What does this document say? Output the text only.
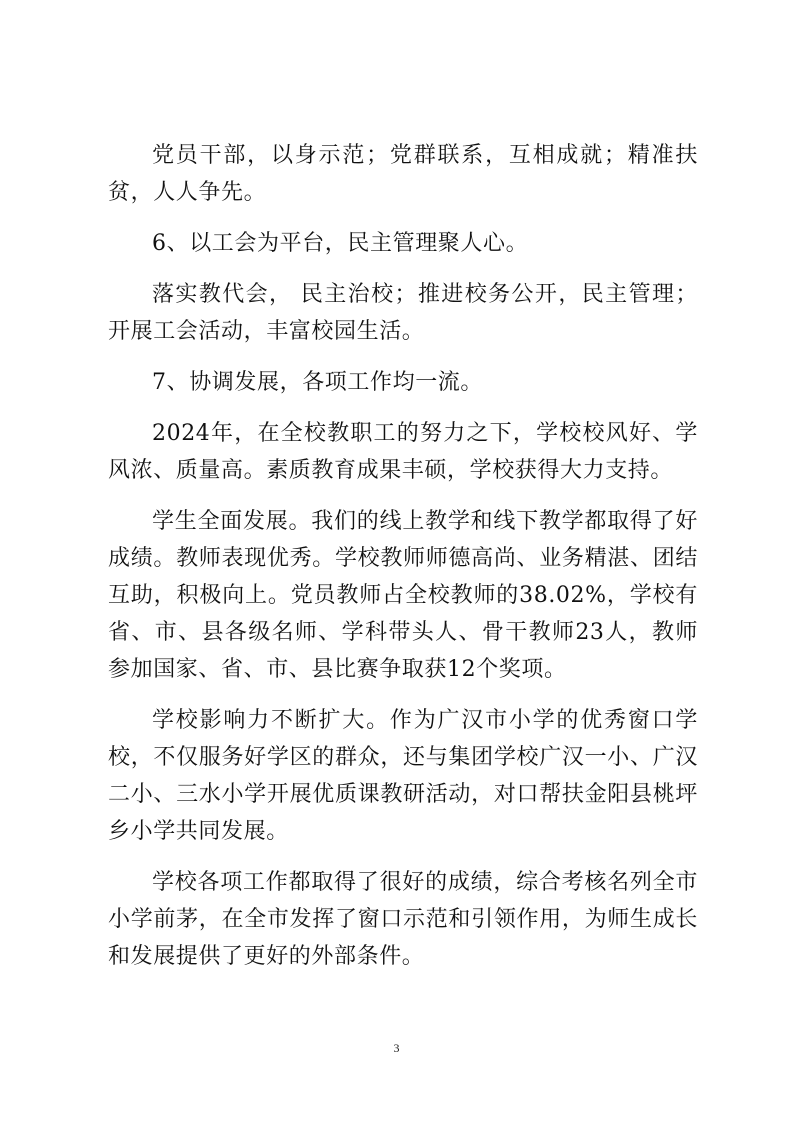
党员干部，以身示范；党群联系，互相成就；精准扶贫，人人争先。

6、以工会为平台，民主管理聚人心。

落实教代会， 民主治校；推进校务公开，民主管理；开展工会活动，丰富校园生活。

7、协调发展，各项工作均一流。

2024年，在全校教职工的努力之下，学校校风好、学风浓、质量高。素质教育成果丰硕，学校获得大力支持。

学生全面发展。我们的线上教学和线下教学都取得了好成绩。教师表现优秀。学校教师师德高尚、业务精湛、团结互助，积极向上。党员教师占全校教师的38.02%，学校有省、市、县各级名师、学科带头人、骨干教师23人，教师参加国家、省、市、县比赛争取获12个奖项。

学校影响力不断扩大。作为广汉市小学的优秀窗口学校，不仅服务好学区的群众，还与集团学校广汉一小、广汉二小、三水小学开展优质课教研活动，对口帮扶金阳县桃坪乡小学共同发展。

学校各项工作都取得了很好的成绩，综合考核名列全市小学前茅，在全市发挥了窗口示范和引领作用，为师生成长和发展提供了更好的外部条件。

3
